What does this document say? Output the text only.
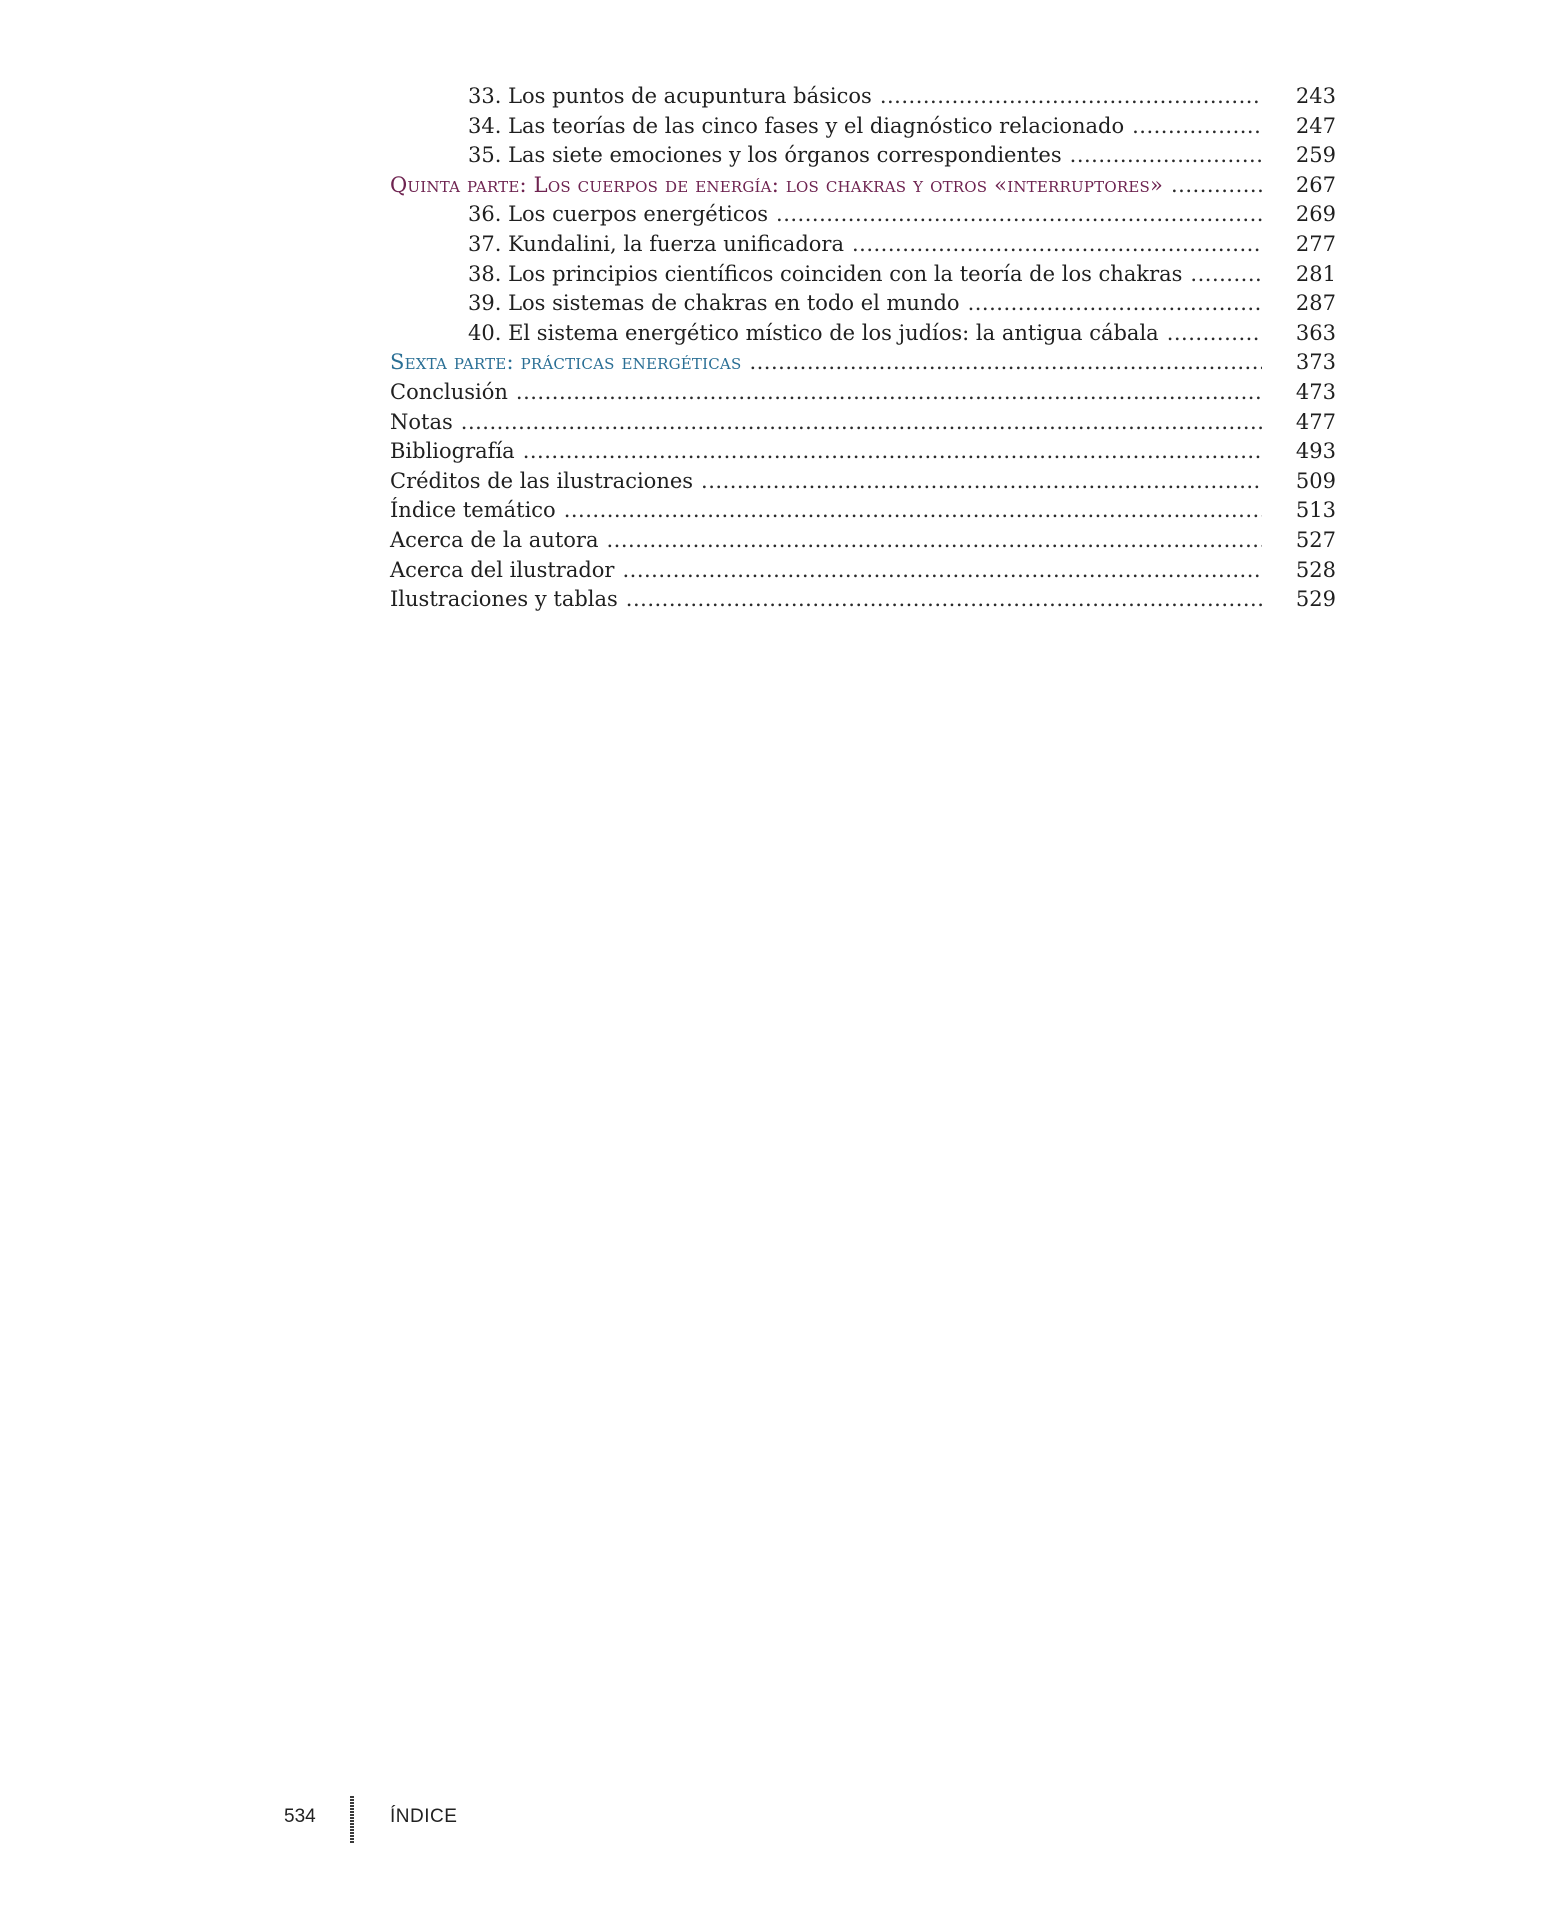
33. Los puntos de acupuntura básicos .....	243
34. Las teorías de las cinco fases y el diagnóstico relacionado .....	247
35. Las siete emociones y los órganos correspondientes .....	259
Quinta parte: Los cuerpos de energía: los chakras y otros «interruptores» .....	267
36. Los cuerpos energéticos .....	269
37. Kundalini, la fuerza unificadora .....	277
38. Los principios científicos coinciden con la teoría de los chakras .....	281
39. Los sistemas de chakras en todo el mundo .....	287
40. El sistema energético místico de los judíos: la antigua cábala .....	363
Sexta parte: prácticas energéticas .....	373
Conclusión .....	473
Notas .....	477
Bibliografía .....	493
Créditos de las ilustraciones .....	509
Índice temático .....	513
Acerca de la autora .....	527
Acerca del ilustrador .....	528
Ilustraciones y tablas .....	529
534	ÍNDICE
